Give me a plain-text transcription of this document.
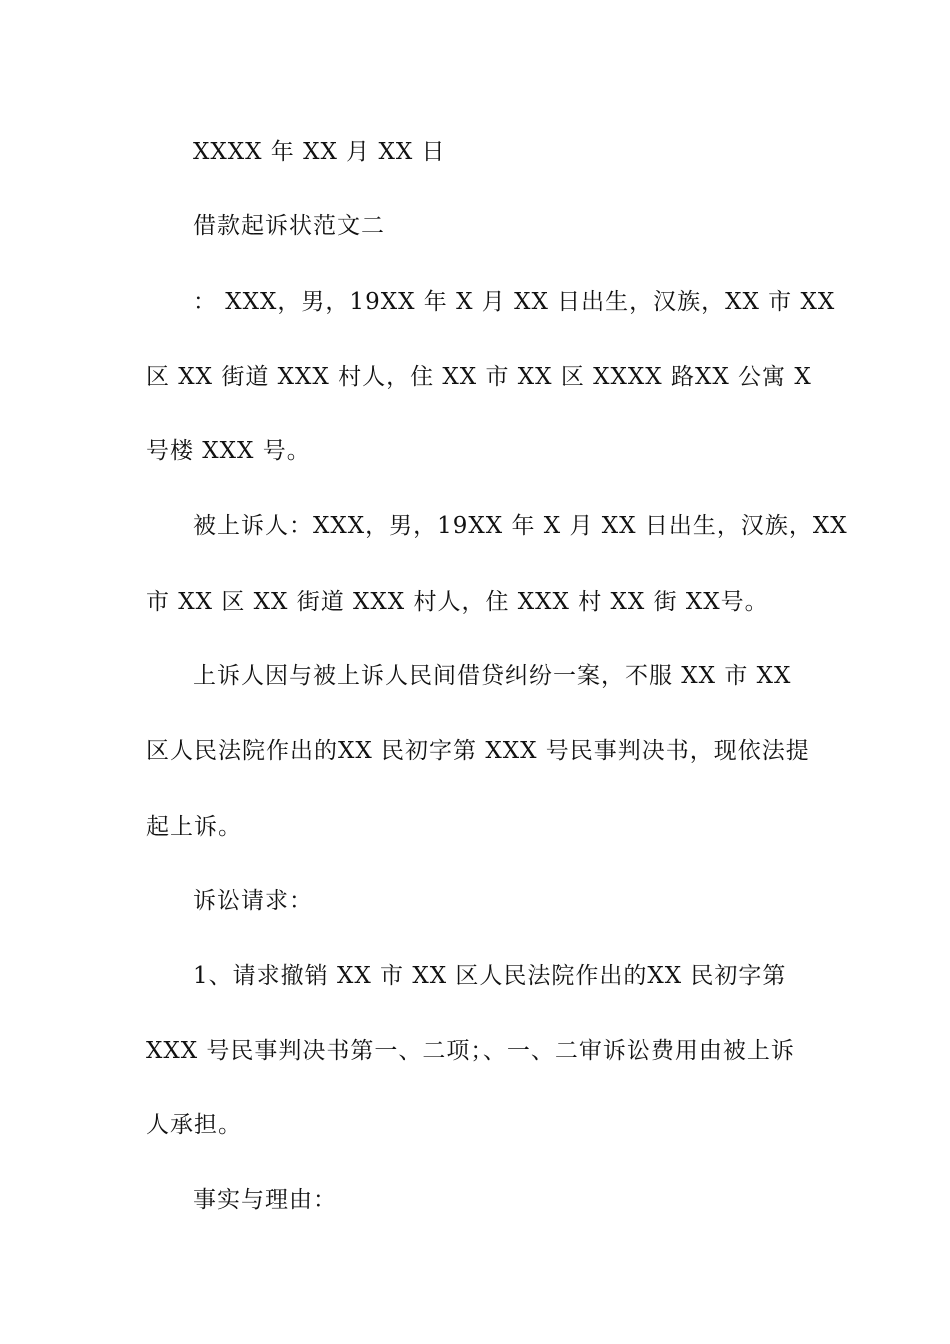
XXXX 年 XX 月 XX 日
借款起诉状范文二
： XXX，男，19XX 年 X 月 XX 日出生，汉族，XX 市 XX
区 XX 街道 XXX 村人，住 XX 市 XX 区 XXXX 路XX 公寓 X
号楼 XXX 号。
被上诉人：XXX，男，19XX 年 X 月 XX 日出生，汉族，XX
市 XX 区 XX 街道 XXX 村人，住 XXX 村 XX 街 XX号。
上诉人因与被上诉人民间借贷纠纷一案，不服 XX 市 XX
区人民法院作出的XX 民初字第 XXX 号民事判决书，现依法提
起上诉。
诉讼请求：
1、请求撤销 XX 市 XX 区人民法院作出的XX 民初字第
XXX 号民事判决书第一、二项；、一、二审诉讼费用由被上诉
人承担。
事实与理由：
